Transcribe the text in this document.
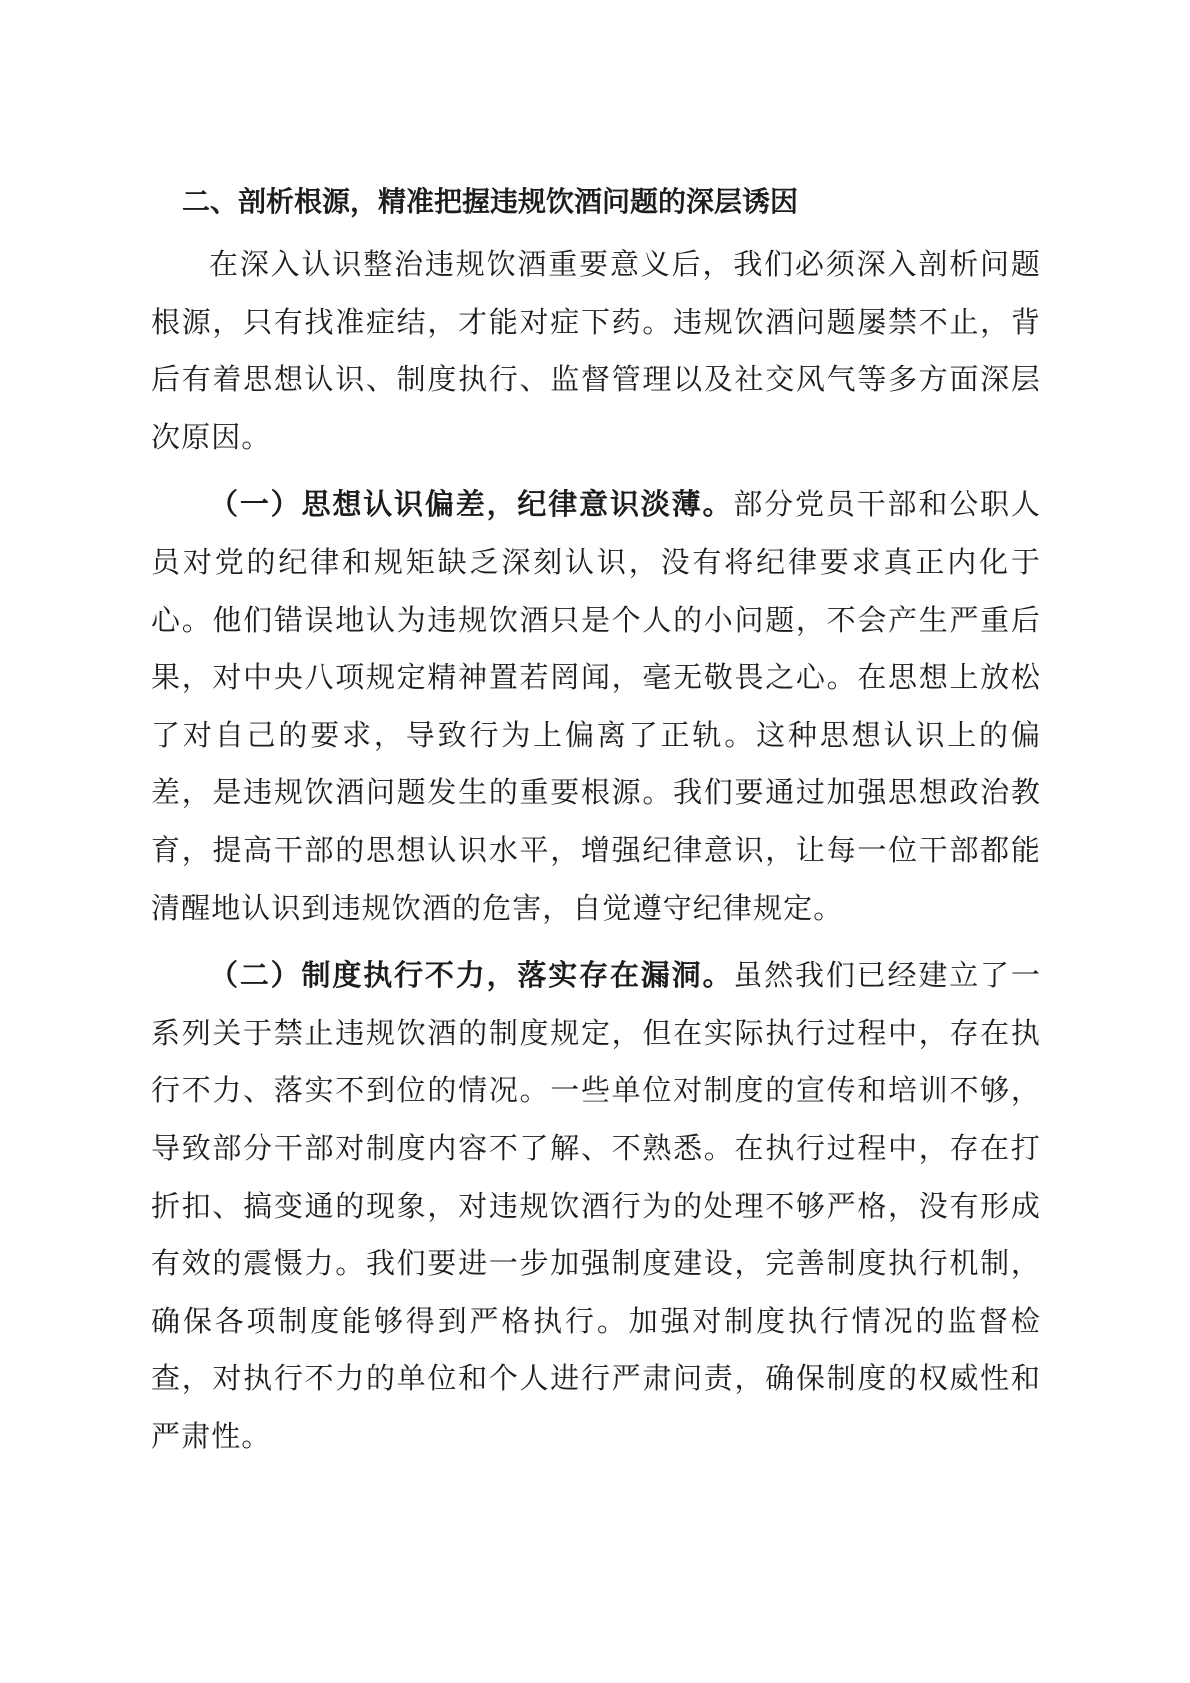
二、剖析根源，精准把握违规饮酒问题的深层诱因

在深入认识整治违规饮酒重要意义后，我们必须深入剖析问题根源，只有找准症结，才能对症下药。违规饮酒问题屡禁不止，背后有着思想认识、制度执行、监督管理以及社交风气等多方面深层次原因。

（一）思想认识偏差，纪律意识淡薄。部分党员干部和公职人员对党的纪律和规矩缺乏深刻认识，没有将纪律要求真正内化于心。他们错误地认为违规饮酒只是个人的小问题，不会产生严重后果，对中央八项规定精神置若罔闻，毫无敬畏之心。在思想上放松了对自己的要求，导致行为上偏离了正轨。这种思想认识上的偏差，是违规饮酒问题发生的重要根源。我们要通过加强思想政治教育，提高干部的思想认识水平，增强纪律意识，让每一位干部都能清醒地认识到违规饮酒的危害，自觉遵守纪律规定。

（二）制度执行不力，落实存在漏洞。虽然我们已经建立了一系列关于禁止违规饮酒的制度规定，但在实际执行过程中，存在执行不力、落实不到位的情况。一些单位对制度的宣传和培训不够，导致部分干部对制度内容不了解、不熟悉。在执行过程中，存在打折扣、搞变通的现象，对违规饮酒行为的处理不够严格，没有形成有效的震慑力。我们要进一步加强制度建设，完善制度执行机制，确保各项制度能够得到严格执行。加强对制度执行情况的监督检查，对执行不力的单位和个人进行严肃问责，确保制度的权威性和严肃性。
